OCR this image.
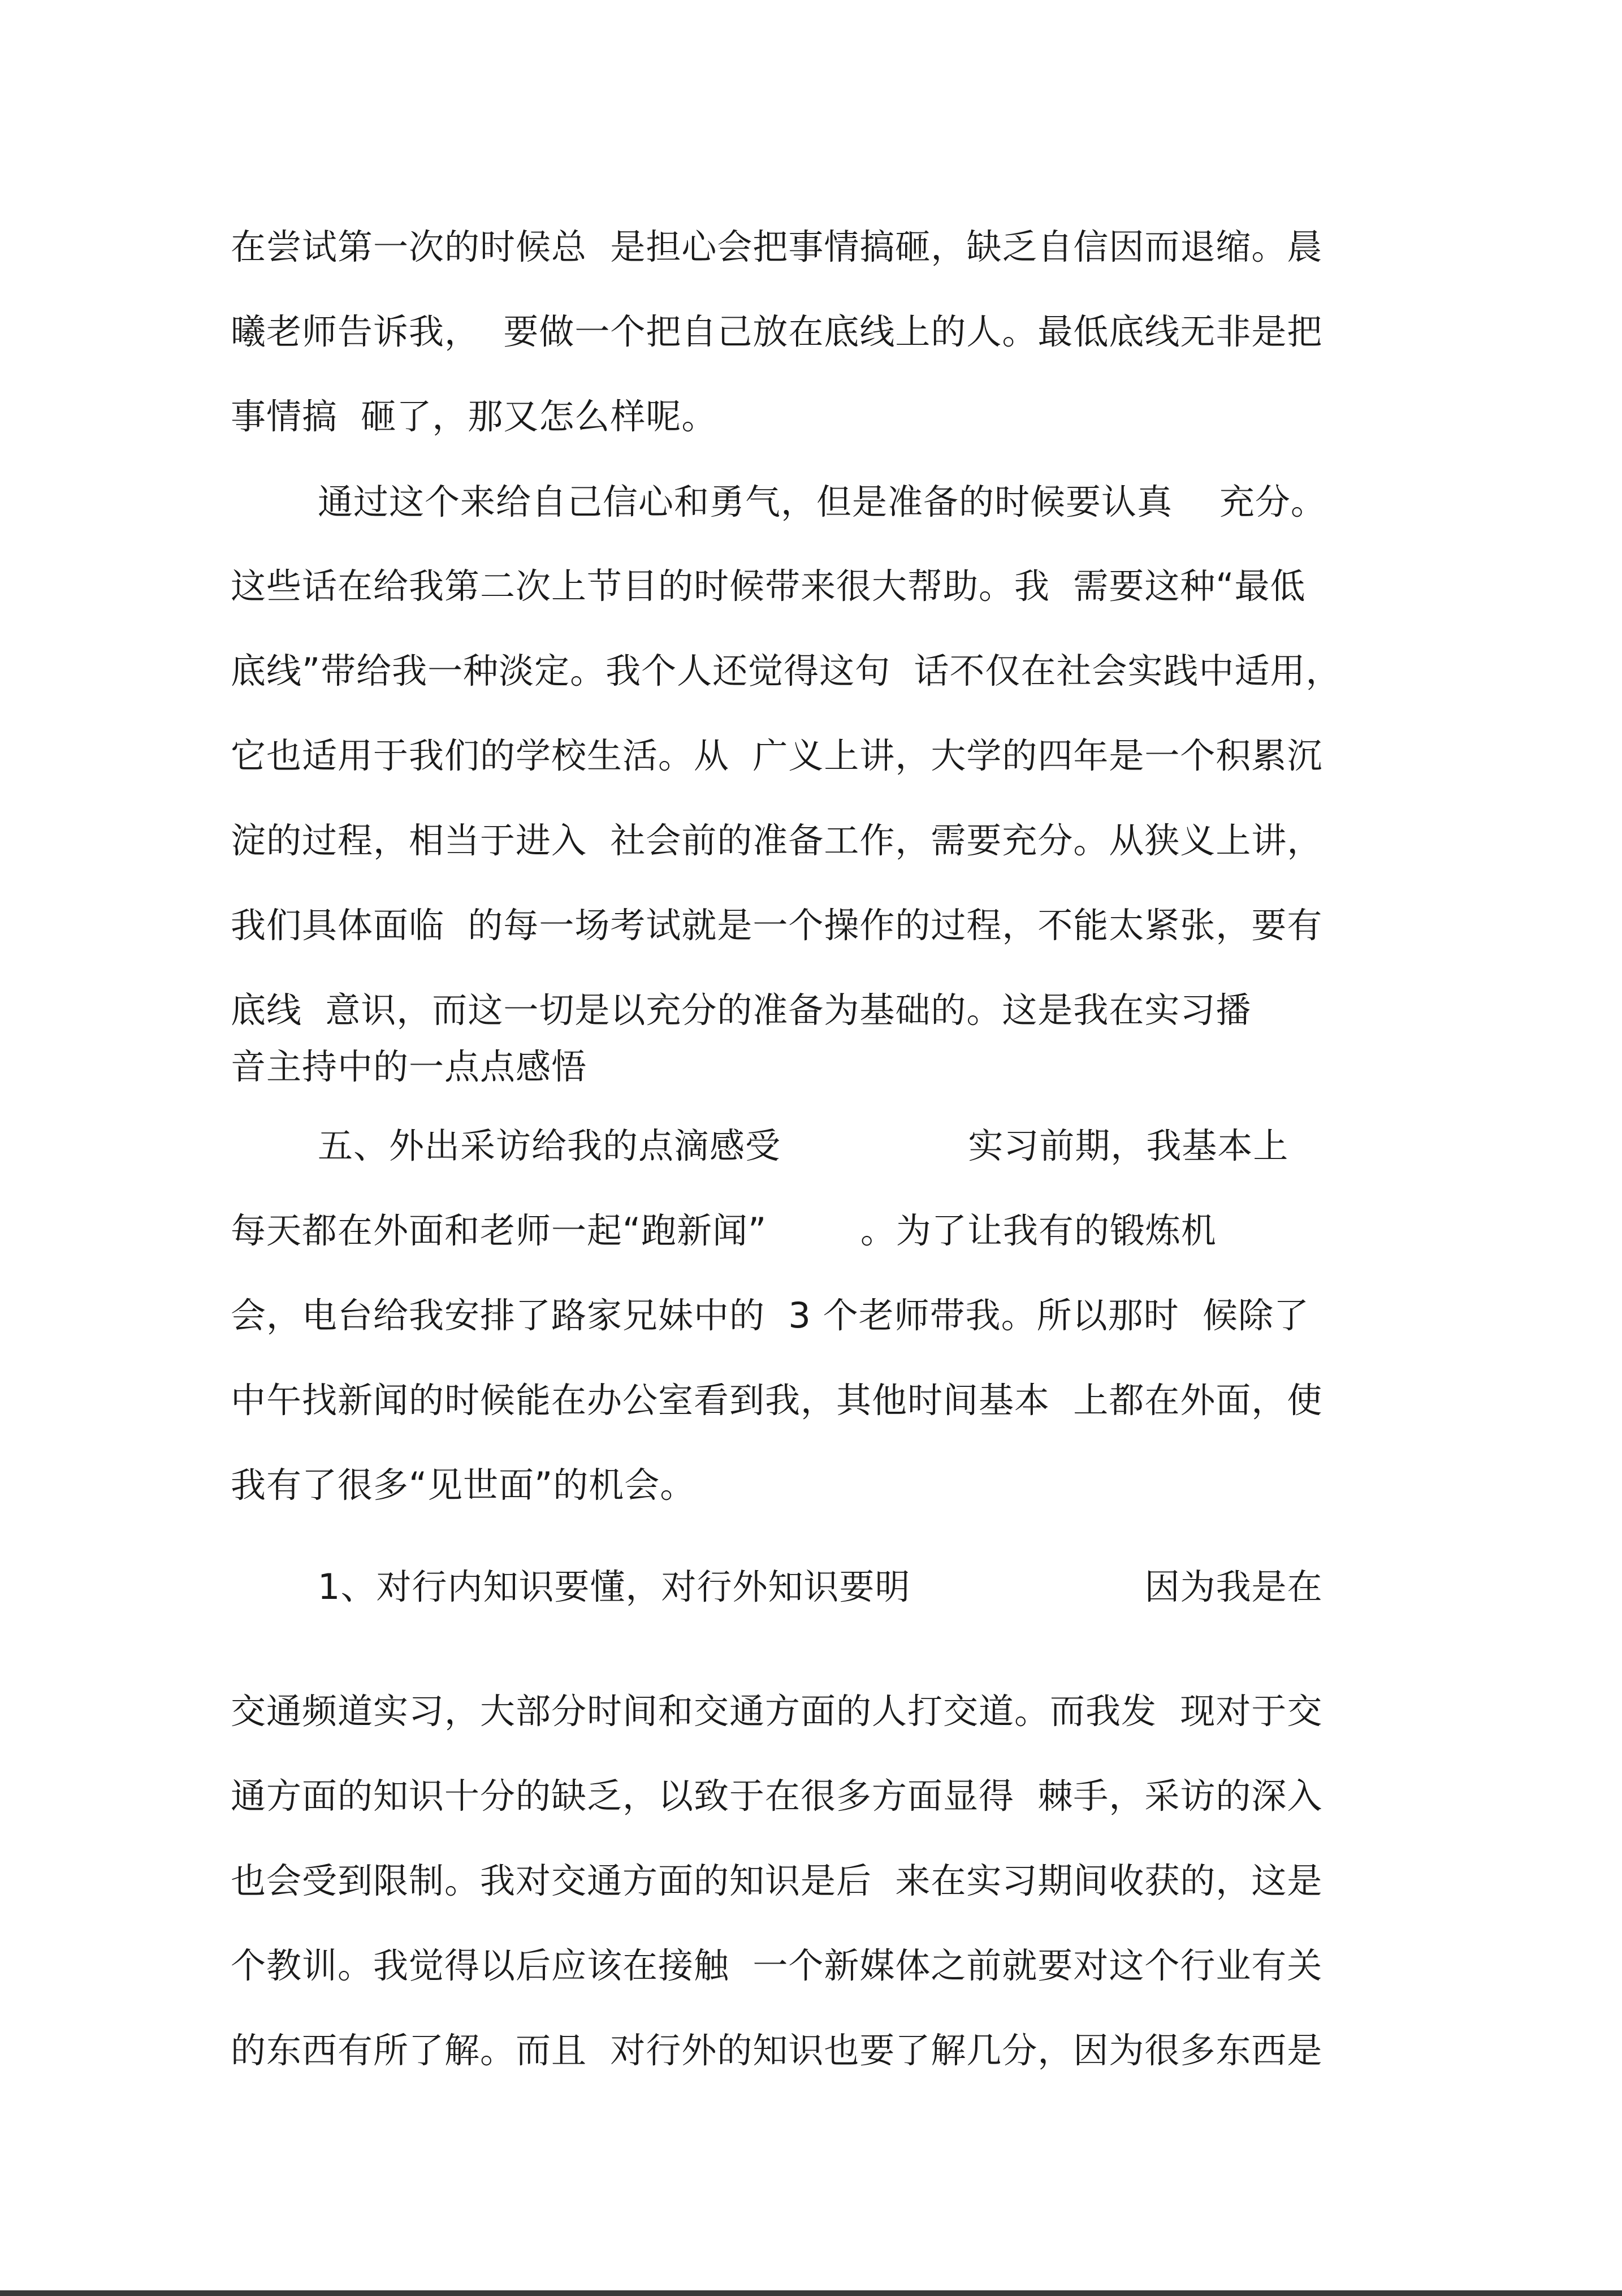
在尝试第一次的时候总  是担心会把事情搞砸，缺乏自信因而退缩。晨
曦老师告诉我，  要做一个把自己放在底线上的人。最低底线无非是把
事情搞  砸了，那又怎么样呢。
通过这个来给自己信心和勇气，但是准备的时候要认真    充分。
这些话在给我第二次上节目的时候带来很大帮助。我  需要这种“最低
底线”带给我一种淡定。我个人还觉得这句  话不仅在社会实践中适用，
它也适用于我们的学校生活。从  广义上讲，大学的四年是一个积累沉
淀的过程，相当于进入  社会前的准备工作，需要充分。从狭义上讲，
我们具体面临  的每一场考试就是一个操作的过程，不能太紧张，要有
底线  意识，而这一切是以充分的准备为基础的。这是我在实习播
音主持中的一点点感悟
五、外出采访给我的点滴感受                实习前期，我基本上
每天都在外面和老师一起“跑新闻”        。为了让我有的锻炼机
会，电台给我安排了路家兄妹中的  3 个老师带我。所以那时  候除了
中午找新闻的时候能在办公室看到我，其他时间基本  上都在外面，使
我有了很多“见世面”的机会。
1、对行内知识要懂，对行外知识要明                    因为我是在
交通频道实习，大部分时间和交通方面的人打交道。而我发  现对于交
通方面的知识十分的缺乏，以致于在很多方面显得  棘手，采访的深入
也会受到限制。我对交通方面的知识是后  来在实习期间收获的，这是
个教训。我觉得以后应该在接触  一个新媒体之前就要对这个行业有关
的东西有所了解。而且  对行外的知识也要了解几分，因为很多东西是
